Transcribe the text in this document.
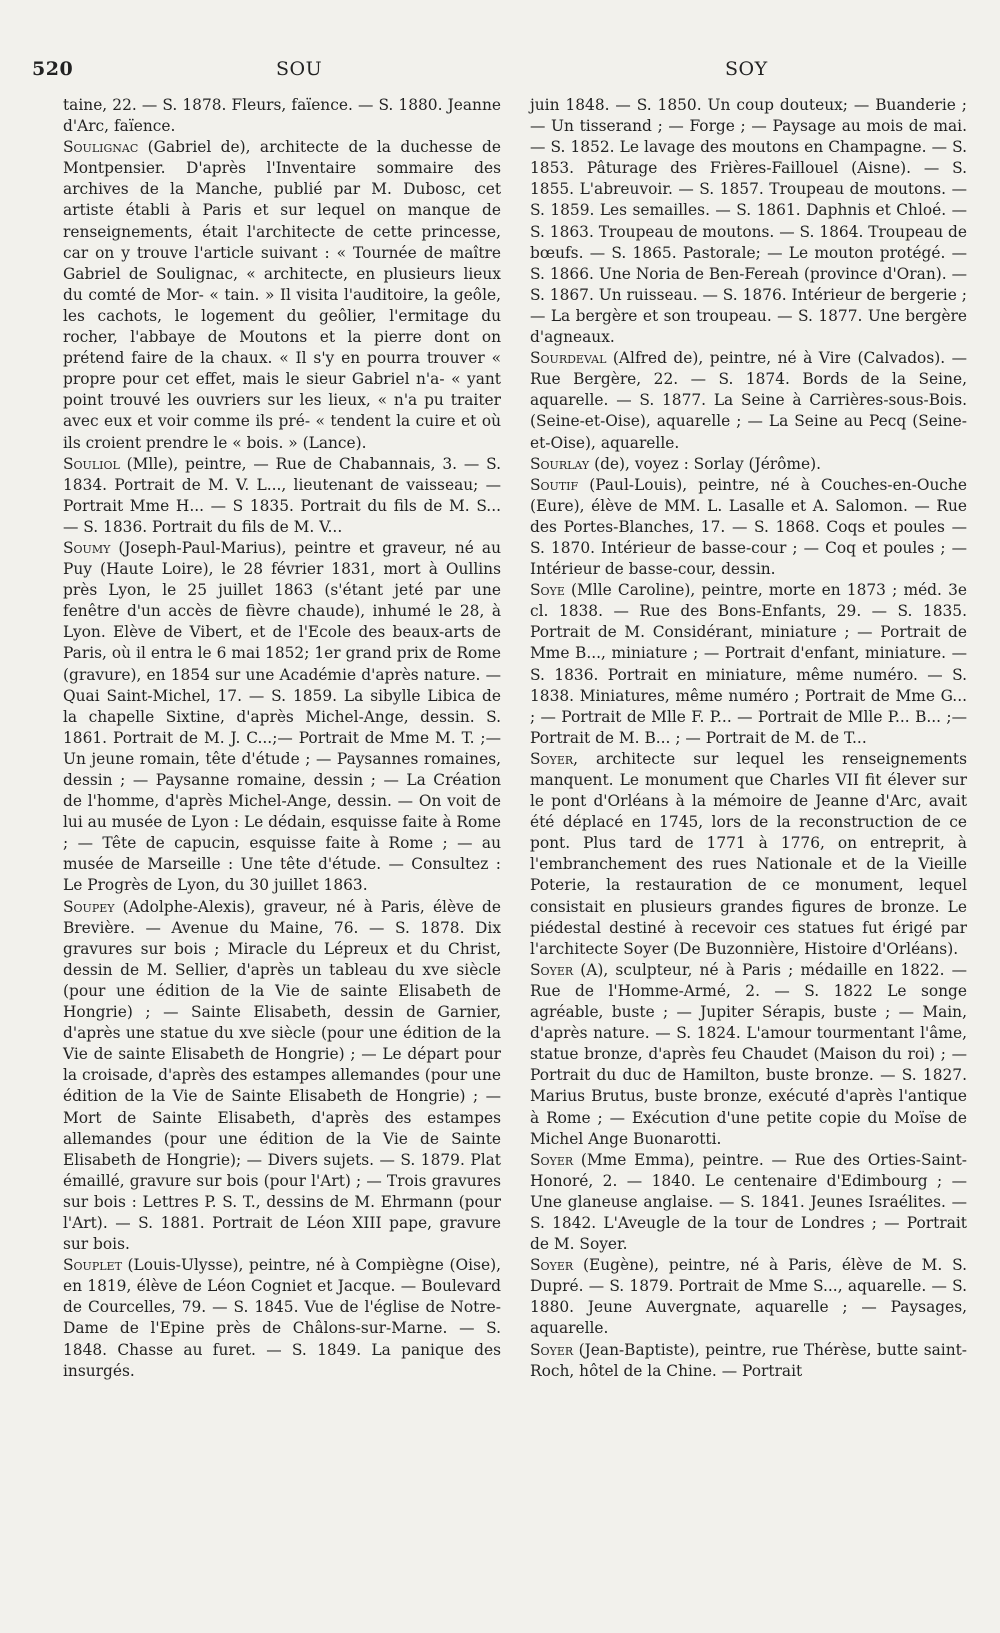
520	SOU	SOY

taine, 22. — S. 1878. Fleurs, faïence. — S. 1880. Jeanne d'Arc, faïence.

Soulignac (Gabriel de), architecte de la duchesse de Montpensier. D'après l'Inventaire sommaire des archives de la Manche, publié par M. Dubosc, cet artiste établi à Paris et sur lequel on manque de renseignements, était l'architecte de cette princesse, car on y trouve l'article suivant : « Tournée de maître Gabriel de Soulignac, « architecte, en plusieurs lieux du comté de Mor- « tain. » Il visita l'auditoire, la geôle, les cachots, le logement du geôlier, l'ermitage du rocher, l'abbaye de Moutons et la pierre dont on prétend faire de la chaux. « Il s'y en pourra trouver « propre pour cet effet, mais le sieur Gabriel n'a- « yant point trouvé les ouvriers sur les lieux, « n'a pu traiter avec eux et voir comme ils pré- « tendent la cuire et où ils croient prendre le « bois. » (Lance).

Souliol (Mlle), peintre, — Rue de Chabannais, 3. — S. 1834. Portrait de M. V. L..., lieutenant de vaisseau; — Portrait Mme H... — S 1835. Portrait du fils de M. S... — S. 1836. Portrait du fils de M. V...

Soumy (Joseph-Paul-Marius), peintre et graveur, né au Puy (Haute Loire), le 28 février 1831, mort à Oullins près Lyon, le 25 juillet 1863 (s'étant jeté par une fenêtre d'un accès de fièvre chaude), inhumé le 28, à Lyon. Elève de Vibert, et de l'Ecole des beaux-arts de Paris, où il entra le 6 mai 1852; 1er grand prix de Rome (gravure), en 1854 sur une Académie d'après nature. — Quai Saint-Michel, 17. — S. 1859. La sibylle Libica de la chapelle Sixtine, d'après Michel-Ange, dessin. S. 1861. Portrait de M. J. C...;— Portrait de Mme M. T. ;— Un jeune romain, tête d'étude ; — Paysannes romaines, dessin ; — Paysanne romaine, dessin ; — La Création de l'homme, d'après Michel-Ange, dessin. — On voit de lui au musée de Lyon : Le dédain, esquisse faite à Rome ; — Tête de capucin, esquisse faite à Rome ; — au musée de Marseille : Une tête d'étude. — Consultez : Le Progrès de Lyon, du 30 juillet 1863.

Soupey (Adolphe-Alexis), graveur, né à Paris, élève de Brevière. — Avenue du Maine, 76. — S. 1878. Dix gravures sur bois ; Miracle du Lépreux et du Christ, dessin de M. Sellier, d'après un tableau du xve siècle (pour une édition de la Vie de sainte Elisabeth de Hongrie) ; — Sainte Elisabeth, dessin de Garnier, d'après une statue du xve siècle (pour une édition de la Vie de sainte Elisabeth de Hongrie) ; — Le départ pour la croisade, d'après des estampes allemandes (pour une édition de la Vie de Sainte Elisabeth de Hongrie) ; — Mort de Sainte Elisabeth, d'après des estampes allemandes (pour une édition de la Vie de Sainte Elisabeth de Hongrie); — Divers sujets. — S. 1879. Plat émaillé, gravure sur bois (pour l'Art) ; — Trois gravures sur bois : Lettres P. S. T., dessins de M. Ehrmann (pour l'Art). — S. 1881. Portrait de Léon XIII pape, gravure sur bois.

Souplet (Louis-Ulysse), peintre, né à Compiègne (Oise), en 1819, élève de Léon Cogniet et Jacque. — Boulevard de Courcelles, 79. — S. 1845. Vue de l'église de Notre-Dame de l'Epine près de Châlons-sur-Marne. — S. 1848. Chasse au furet. — S. 1849. La panique des insurgés.

juin 1848. — S. 1850. Un coup douteux; — Buanderie ; — Un tisserand ; — Forge ; — Paysage au mois de mai. — S. 1852. Le lavage des moutons en Champagne. — S. 1853. Pâturage des Frières-Faillouel (Aisne). — S. 1855. L'abreuvoir. — S. 1857. Troupeau de moutons. — S. 1859. Les semailles. — S. 1861. Daphnis et Chloé. — S. 1863. Troupeau de moutons. — S. 1864. Troupeau de bœufs. — S. 1865. Pastorale; — Le mouton protégé. — S. 1866. Une Noria de Ben-Fereah (province d'Oran). — S. 1867. Un ruisseau. — S. 1876. Intérieur de bergerie ; — La bergère et son troupeau. — S. 1877. Une bergère d'agneaux.

Sourdeval (Alfred de), peintre, né à Vire (Calvados). — Rue Bergère, 22. — S. 1874. Bords de la Seine, aquarelle. — S. 1877. La Seine à Carrières-sous-Bois. (Seine-et-Oise), aquarelle ; — La Seine au Pecq (Seine-et-Oise), aquarelle.

Sourlay (de), voyez : Sorlay (Jérôme).

Soutif (Paul-Louis), peintre, né à Couches-en-Ouche (Eure), élève de MM. L. Lasalle et A. Salomon. — Rue des Portes-Blanches, 17. — S. 1868. Coqs et poules — S. 1870. Intérieur de basse-cour ; — Coq et poules ; — Intérieur de basse-cour, dessin.

Soye (Mlle Caroline), peintre, morte en 1873 ; méd. 3e cl. 1838. — Rue des Bons-Enfants, 29. — S. 1835. Portrait de M. Considérant, miniature ; — Portrait de Mme B..., miniature ; — Portrait d'enfant, miniature. — S. 1836. Portrait en miniature, même numéro. — S. 1838. Miniatures, même numéro ; Portrait de Mme G... ; — Portrait de Mlle F. P... — Portrait de Mlle P... B... ;— Portrait de M. B... ; — Portrait de M. de T...

Soyer, architecte sur lequel les renseignements manquent. Le monument que Charles VII fit élever sur le pont d'Orléans à la mémoire de Jeanne d'Arc, avait été déplacé en 1745, lors de la reconstruction de ce pont. Plus tard de 1771 à 1776, on entreprit, à l'embranchement des rues Nationale et de la Vieille Poterie, la restauration de ce monument, lequel consistait en plusieurs grandes figures de bronze. Le piédestal destiné à recevoir ces statues fut érigé par l'architecte Soyer (De Buzonnière, Histoire d'Orléans).

Soyer (A), sculpteur, né à Paris ; médaille en 1822. — Rue de l'Homme-Armé, 2. — S. 1822 Le songe agréable, buste ; — Jupiter Sérapis, buste ; — Main, d'après nature. — S. 1824. L'amour tourmentant l'âme, statue bronze, d'après feu Chaudet (Maison du roi) ; — Portrait du duc de Hamilton, buste bronze. — S. 1827. Marius Brutus, buste bronze, exécuté d'après l'antique à Rome ; — Exécution d'une petite copie du Moïse de Michel Ange Buonarotti.

Soyer (Mme Emma), peintre. — Rue des Orties-Saint-Honoré, 2. — 1840. Le centenaire d'Edimbourg ; — Une glaneuse anglaise. — S. 1841. Jeunes Israélites. — S. 1842. L'Aveugle de la tour de Londres ; — Portrait de M. Soyer.

Soyer (Eugène), peintre, né à Paris, élève de M. S. Dupré. — S. 1879. Portrait de Mme S..., aquarelle. — S. 1880. Jeune Auvergnate, aquarelle ; — Paysages, aquarelle.

Soyer (Jean-Baptiste), peintre, rue Thérèse, butte saint-Roch, hôtel de la Chine. — Portrait
